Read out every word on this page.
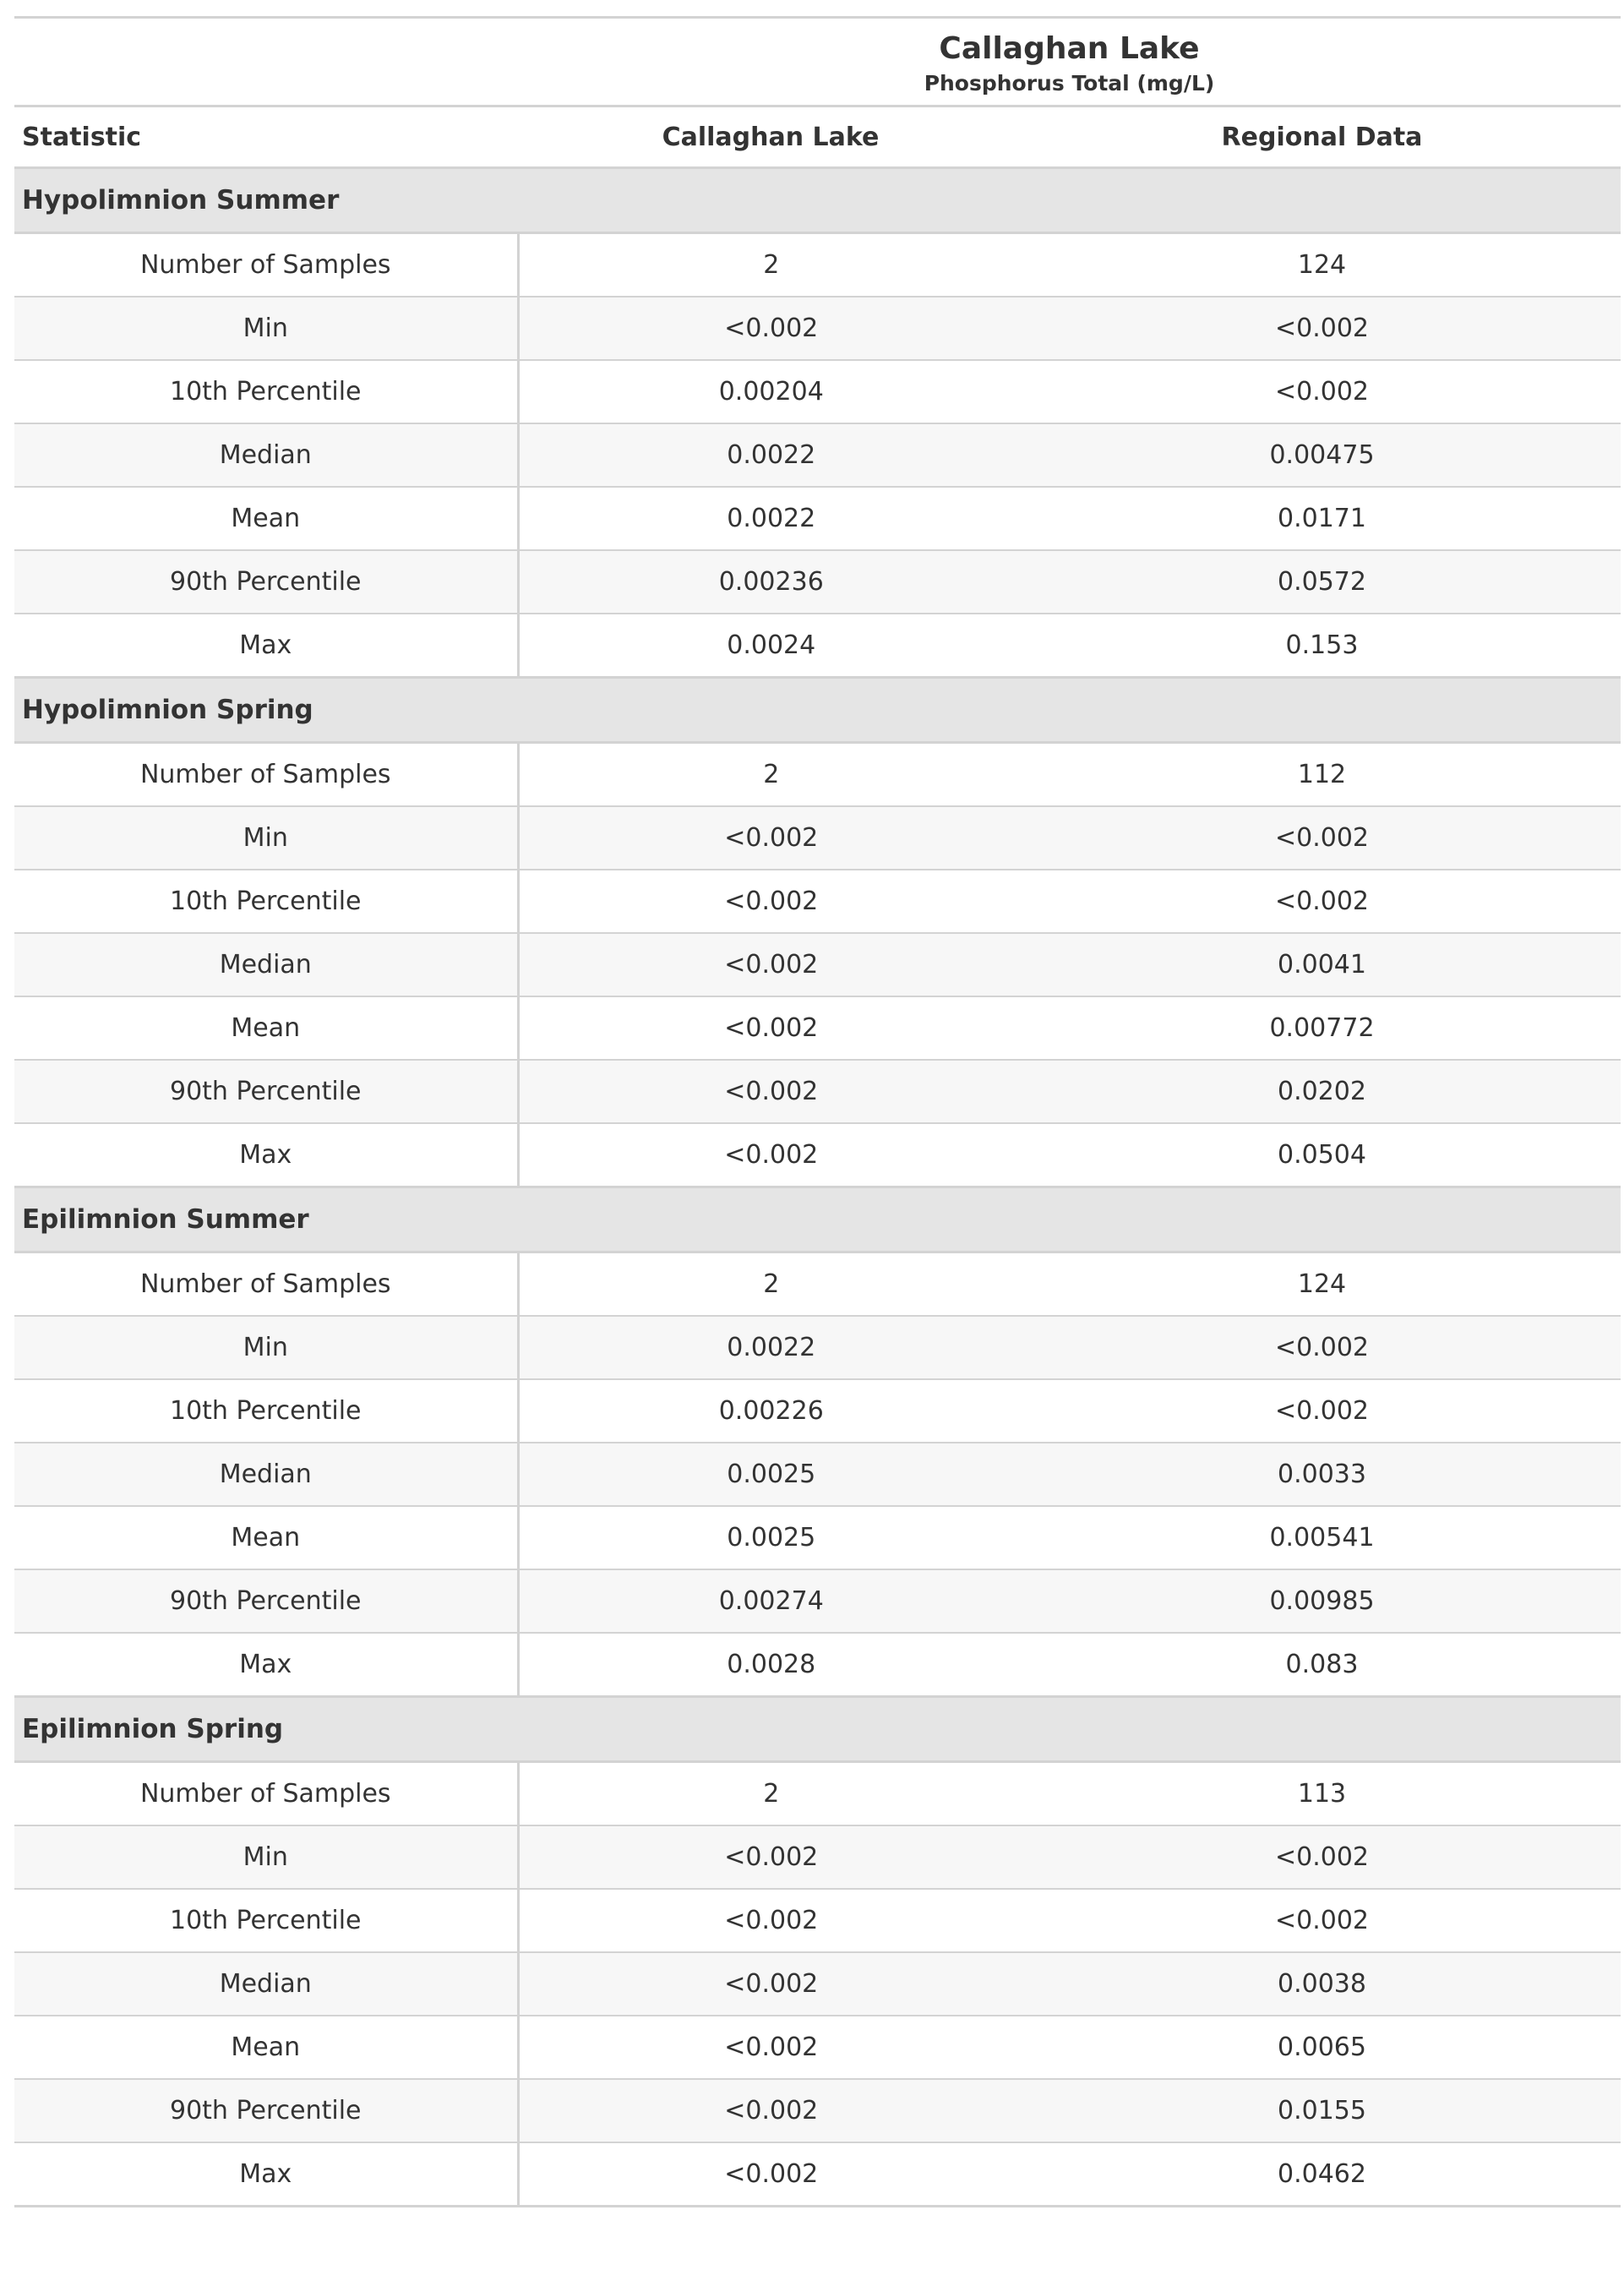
Callaghan Lake		
Phosphorus Total (mg/L)		
Statistic	Callaghan Lake	Regional Data
Hypolimnion Summer		
Number of Samples	2	124
Min	<0.002	<0.002
10th Percentile	0.00204	<0.002
Median	0.0022	0.00475
Mean	0.0022	0.0171
90th Percentile	0.00236	0.0572
Max	0.0024	0.153
Hypolimnion Spring		
Number of Samples	2	112
Min	<0.002	<0.002
10th Percentile	<0.002	<0.002
Median	<0.002	0.0041
Mean	<0.002	0.00772
90th Percentile	<0.002	0.0202
Max	<0.002	0.0504
Epilimnion Summer		
Number of Samples	2	124
Min	0.0022	<0.002
10th Percentile	0.00226	<0.002
Median	0.0025	0.0033
Mean	0.0025	0.00541
90th Percentile	0.00274	0.00985
Max	0.0028	0.083
Epilimnion Spring		
Number of Samples	2	113
Min	<0.002	<0.002
10th Percentile	<0.002	<0.002
Median	<0.002	0.0038
Mean	<0.002	0.0065
90th Percentile	<0.002	0.0155
Max	<0.002	0.0462
